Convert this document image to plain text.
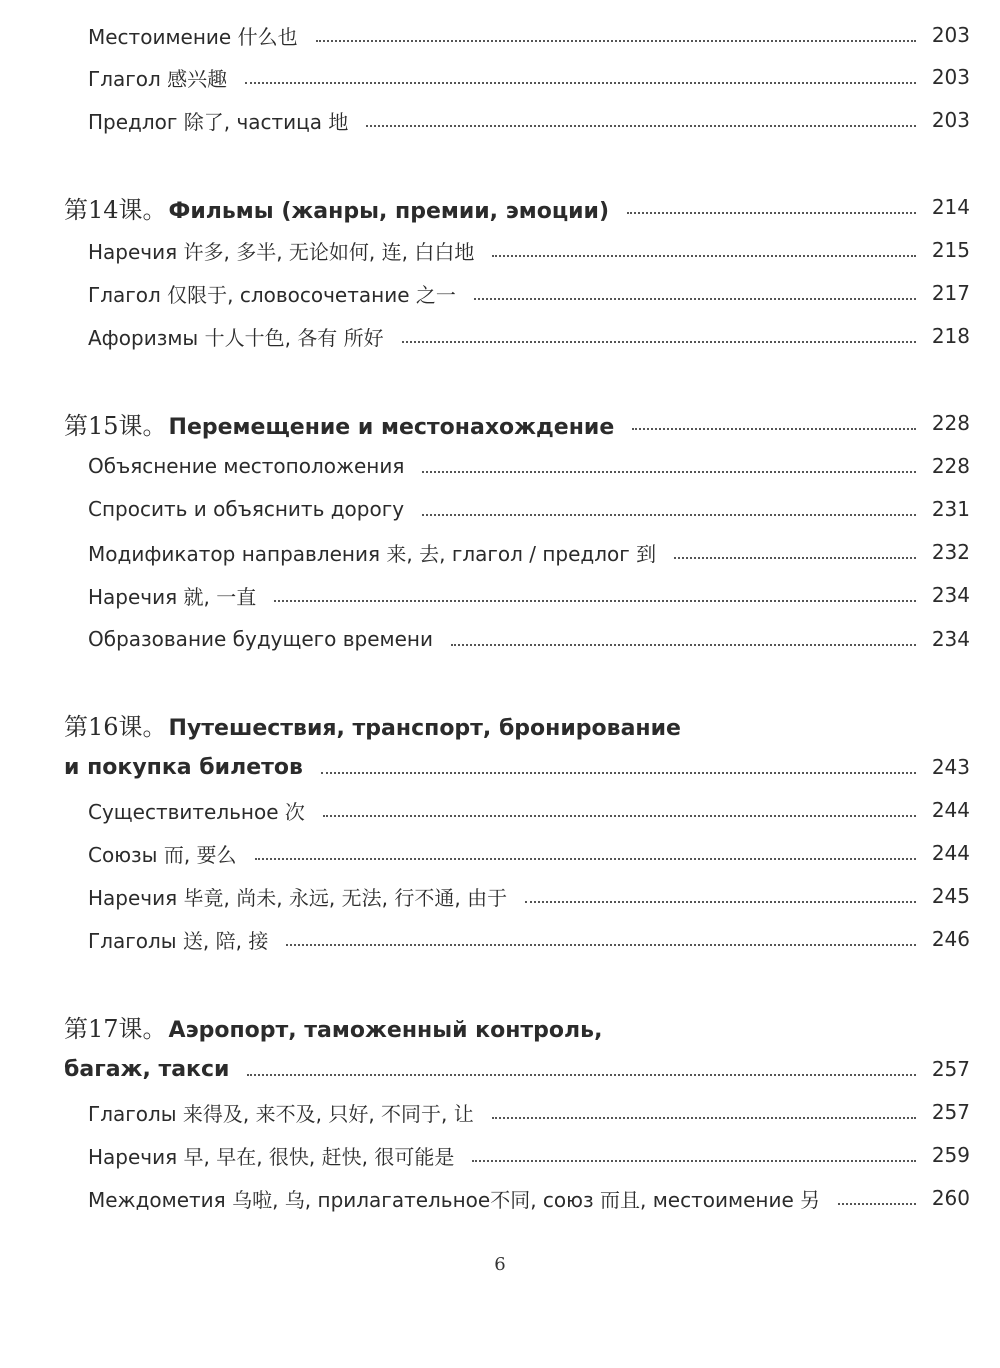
Местоимение 什么也	203
Глагол 感兴趣	203
Предлог 除了, частица 地	203
第14课。Фильмы (жанры, премии, эмоции)	214
Наречия 许多, 多半, 无论如何, 连, 白白地	215
Глагол 仅限于, словосочетание 之一	217
Афоризмы 十人十色, 各有 所好	218
第15课。Перемещение и местонахождение	228
Объяснение местоположения	228
Спросить и объяснить дорогу	231
Модификатор направления 来, 去, глагол / предлог 到	232
Наречия 就, 一直	234
Образование будущего времени	234
第16课。Путешествия, транспорт, бронирование
и покупка билетов	243
Существительное 次	244
Союзы 而, 要么	244
Наречия 毕竟, 尚未, 永远, 无法, 行不通, 由于	245
Глаголы 送, 陪, 接	246
第17课。Аэропорт, таможенный контроль,
багаж, такси	257
Глаголы 来得及, 来不及, 只好, 不同于, 让	257
Наречия 早, 早在, 很快, 赶快, 很可能是	259
Междометия 乌啦, 乌, прилагательное不同, союз 而且, местоимение 另	260
6
